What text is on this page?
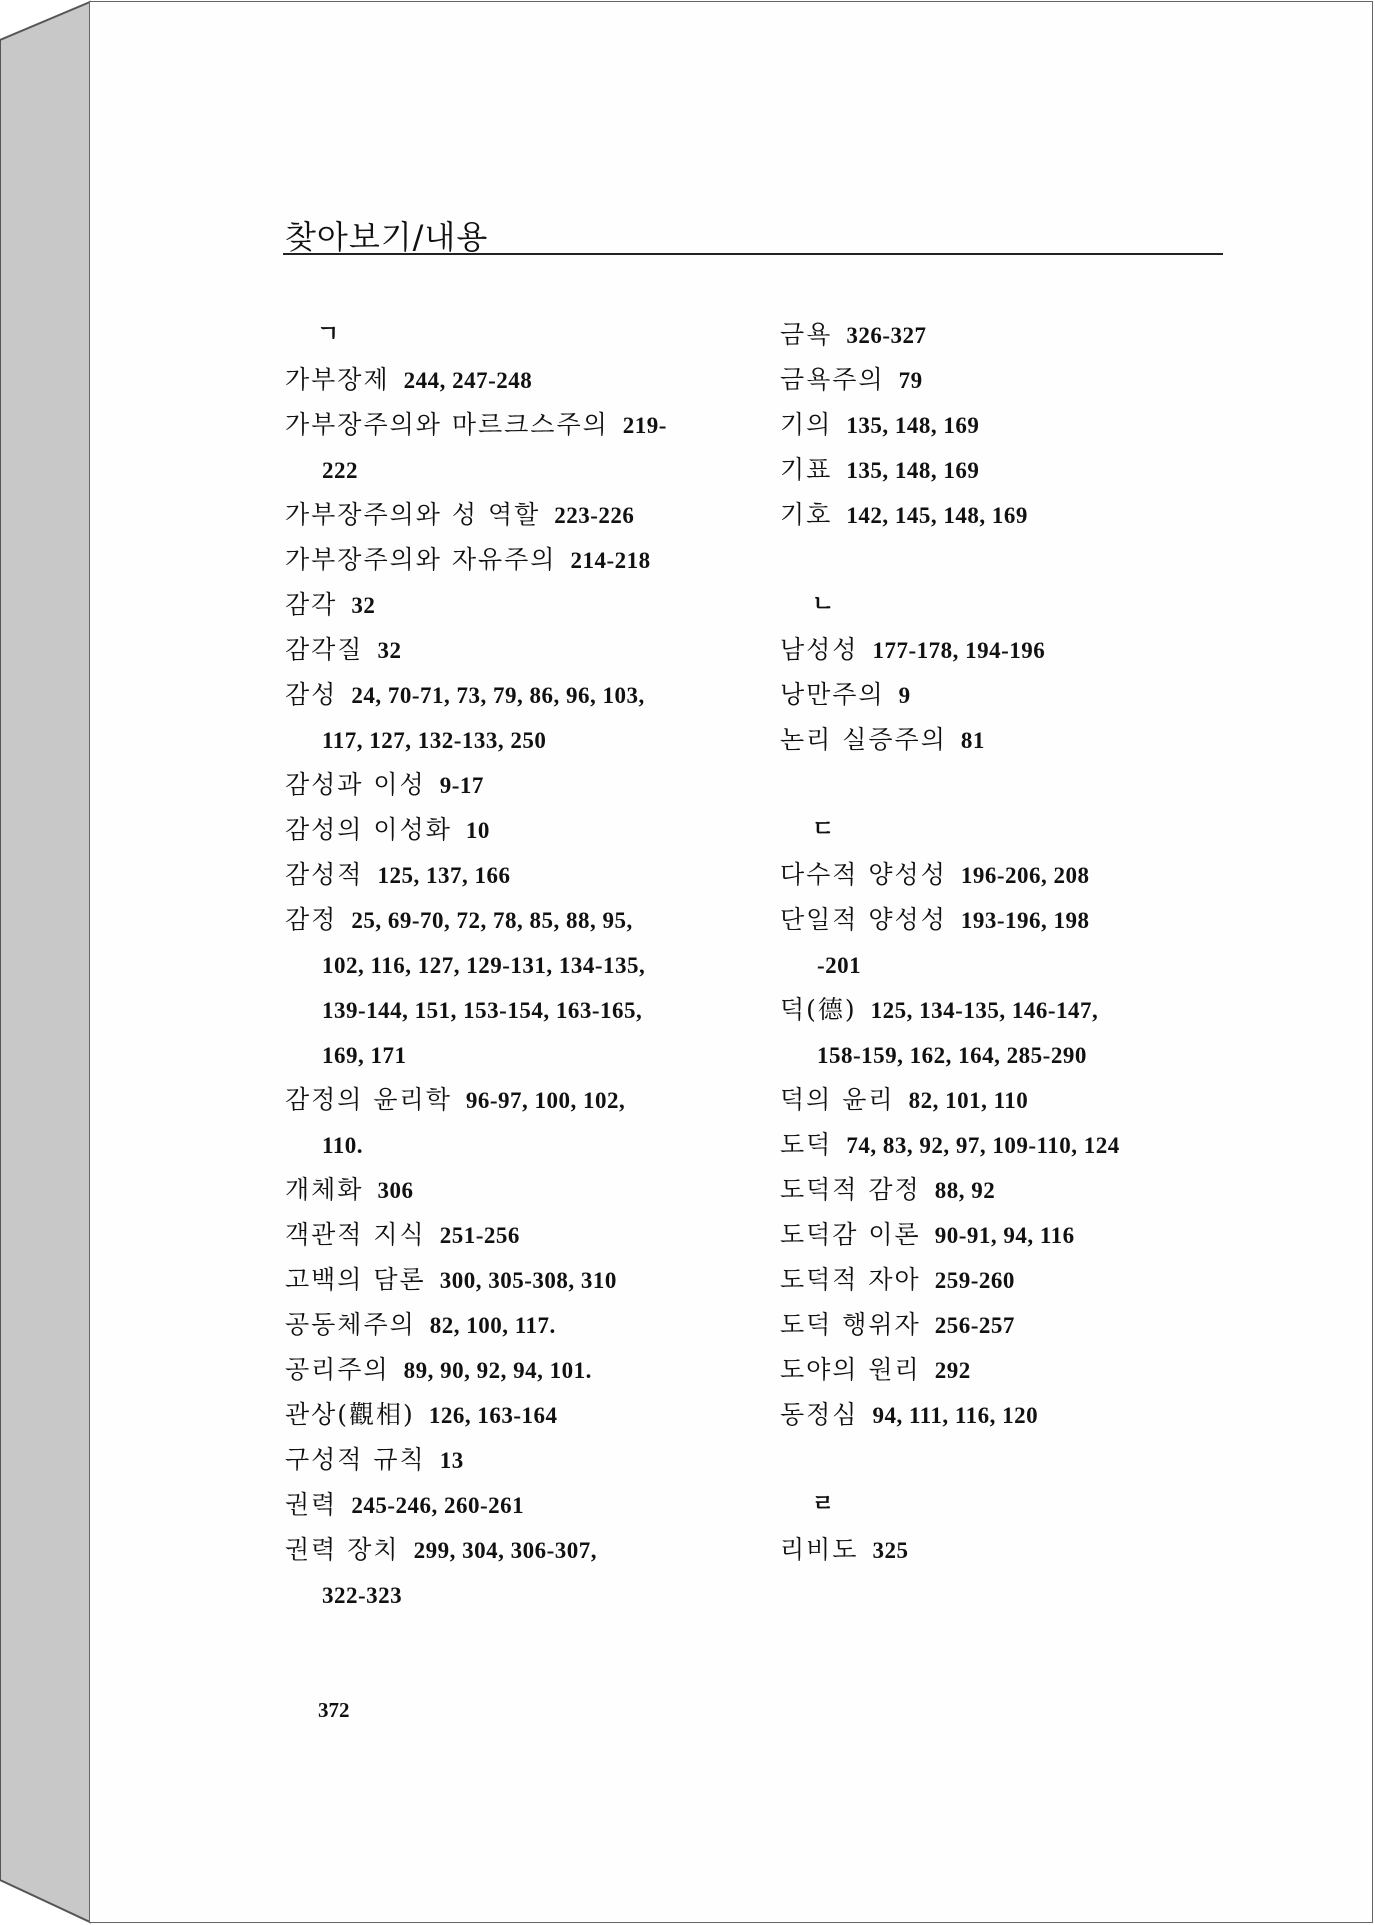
찾아보기/내용
ㄱ
가부장제 244, 247-248
가부장주의와 마르크스주의 219-
222
가부장주의와 성 역할 223-226
가부장주의와 자유주의 214-218
감각 32
감각질 32
감성 24, 70-71, 73, 79, 86, 96, 103,
117, 127, 132-133, 250
감성과 이성 9-17
감성의 이성화 10
감성적 125, 137, 166
감정 25, 69-70, 72, 78, 85, 88, 95,
102, 116, 127, 129-131, 134-135,
139-144, 151, 153-154, 163-165,
169, 171
감정의 윤리학 96-97, 100, 102,
110.
개체화 306
객관적 지식 251-256
고백의 담론 300, 305-308, 310
공동체주의 82, 100, 117.
공리주의 89, 90, 92, 94, 101.
관상(觀相) 126, 163-164
구성적 규칙 13
권력 245-246, 260-261
권력 장치 299, 304, 306-307,
322-323
금욕 326-327
금욕주의 79
기의 135, 148, 169
기표 135, 148, 169
기호 142, 145, 148, 169
ㄴ
남성성 177-178, 194-196
낭만주의 9
논리 실증주의 81
ㄷ
다수적 양성성 196-206, 208
단일적 양성성 193-196, 198
-201
덕(德) 125, 134-135, 146-147,
158-159, 162, 164, 285-290
덕의 윤리 82, 101, 110
도덕 74, 83, 92, 97, 109-110, 124
도덕적 감정 88, 92
도덕감 이론 90-91, 94, 116
도덕적 자아 259-260
도덕 행위자 256-257
도야의 원리 292
동정심 94, 111, 116, 120
ㄹ
리비도 325
372
